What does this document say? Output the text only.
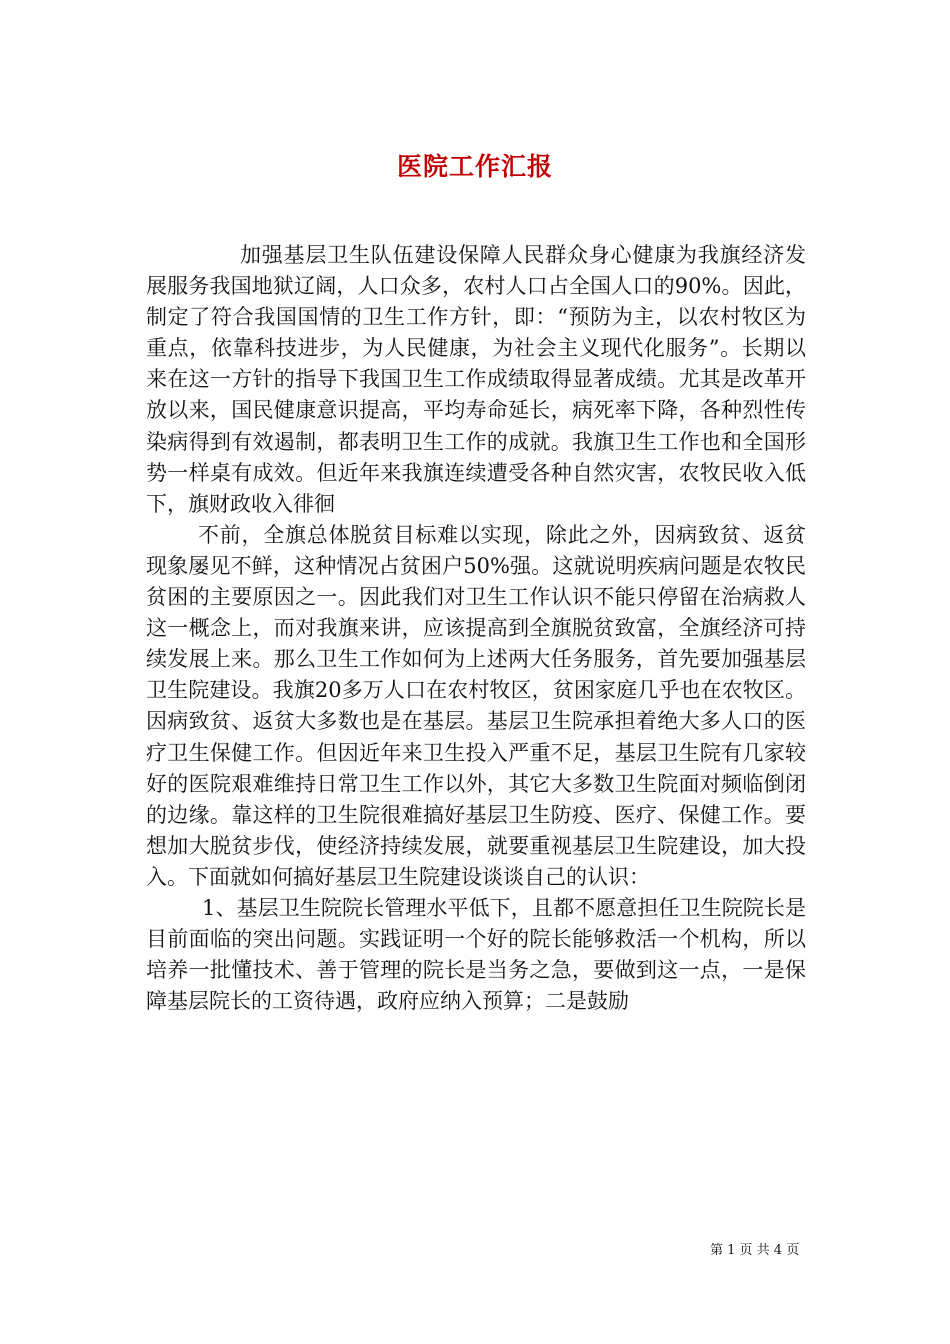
医院工作汇报

加强基层卫生队伍建设保障人民群众身心健康为我旗经济发展服务我国地狱辽阔，人口众多，农村人口占全国人口的90%。因此，制定了符合我国国情的卫生工作方针，即：“预防为主，以农村牧区为重点，依靠科技进步，为人民健康，为社会主义现代化服务”。长期以来在这一方针的指导下我国卫生工作成绩取得显著成绩。尤其是改革开放以来，国民健康意识提高，平均寿命延长，病死率下降，各种烈性传染病得到有效遏制，都表明卫生工作的成就。我旗卫生工作也和全国形势一样桌有成效。但近年来我旗连续遭受各种自然灾害，农牧民收入低下，旗财政收入徘徊

不前，全旗总体脱贫目标难以实现，除此之外，因病致贫、返贫现象屡见不鲜，这种情况占贫困户50%强。这就说明疾病问题是农牧民贫困的主要原因之一。因此我们对卫生工作认识不能只停留在治病救人这一概念上，而对我旗来讲，应该提高到全旗脱贫致富，全旗经济可持续发展上来。那么卫生工作如何为上述两大任务服务，首先要加强基层卫生院建设。我旗20多万人口在农村牧区，贫困家庭几乎也在农牧区。因病致贫、返贫大多数也是在基层。基层卫生院承担着绝大多人口的医疗卫生保健工作。但因近年来卫生投入严重不足，基层卫生院有几家较好的医院艰难维持日常卫生工作以外，其它大多数卫生院面对频临倒闭的边缘。靠这样的卫生院很难搞好基层卫生防疫、医疗、保健工作。要想加大脱贫步伐，使经济持续发展，就要重视基层卫生院建设，加大投入。下面就如何搞好基层卫生院建设谈谈自己的认识：

1、基层卫生院院长管理水平低下，且都不愿意担任卫生院院长是目前面临的突出问题。实践证明一个好的院长能够救活一个机构，所以培养一批懂技术、善于管理的院长是当务之急，要做到这一点，一是保障基层院长的工资待遇，政府应纳入预算；二是鼓励

第 1 页 共 4 页
